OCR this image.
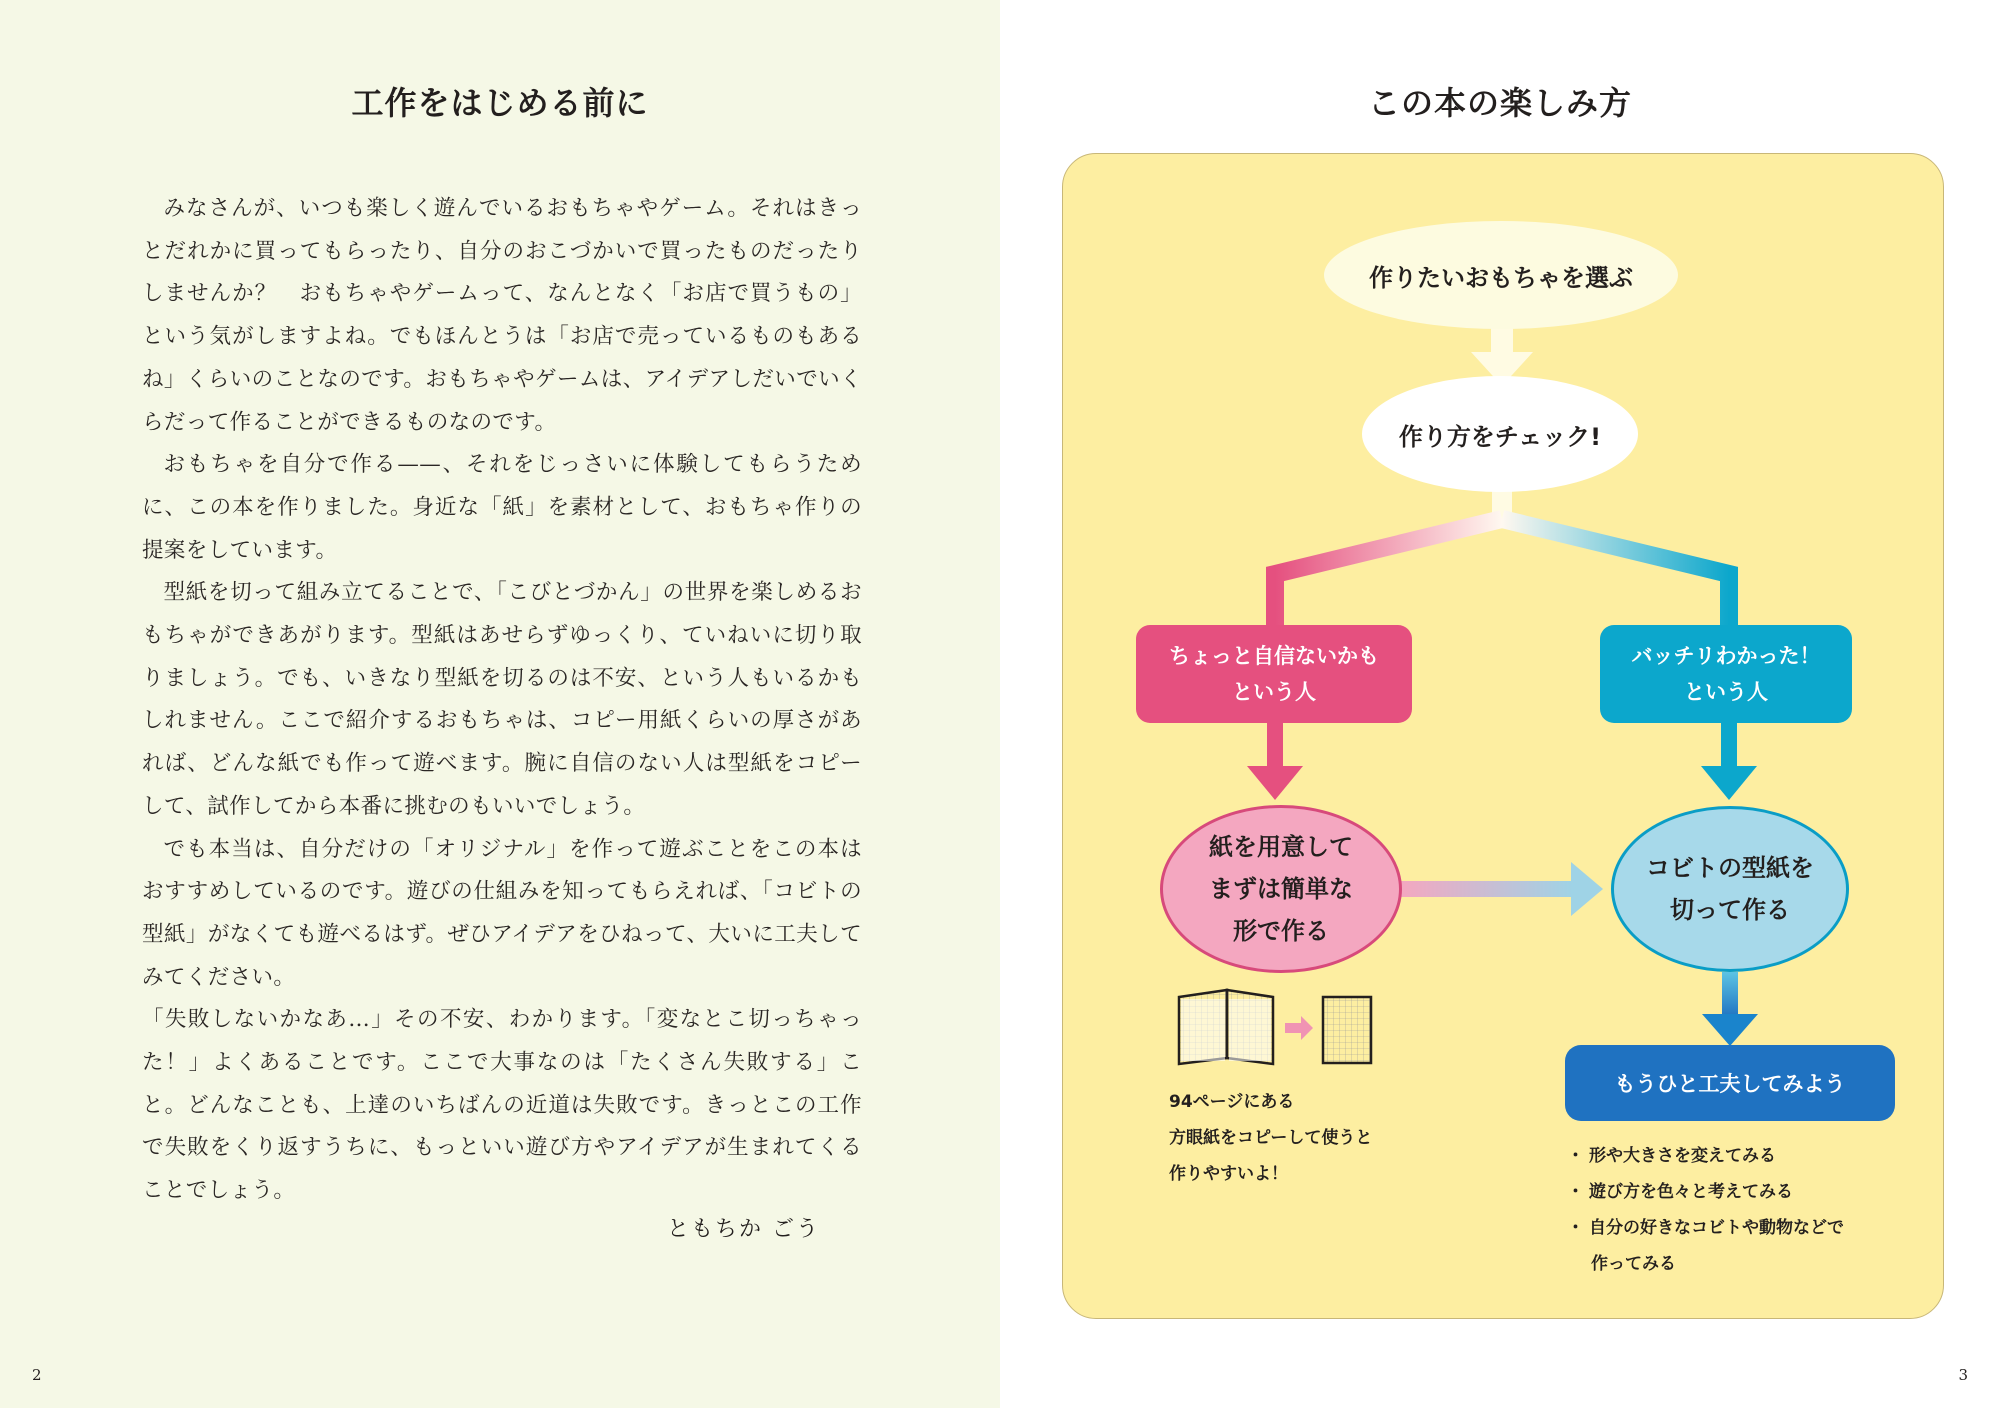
工作をはじめる前に

みなさんが、いつも楽しく遊んでいるおもちゃやゲーム。それはきっとだれかに買ってもらったり、自分のおこづかいで買ったものだったりしませんか？　おもちゃやゲームって、なんとなく「お店で買うもの」という気がしますよね。でもほんとうは「お店で売っているものもあるね」くらいのことなのです。おもちゃやゲームは、アイデアしだいでいくらだって作ることができるものなのです。

おもちゃを自分で作る——、それをじっさいに体験してもらうために、この本を作りました。身近な「紙」を素材として、おもちゃ作りの提案をしています。

型紙を切って組み立てることで、「こびとづかん」の世界を楽しめるおもちゃができあがります。型紙はあせらずゆっくり、ていねいに切り取りましょう。でも、いきなり型紙を切るのは不安、という人もいるかもしれません。ここで紹介するおもちゃは、コピー用紙くらいの厚さがあれば、どんな紙でも作って遊べます。腕に自信のない人は型紙をコピーして、試作してから本番に挑むのもいいでしょう。

でも本当は、自分だけの「オリジナル」を作って遊ぶことをこの本はおすすめしているのです。遊びの仕組みを知ってもらえれば、「コビトの型紙」がなくても遊べるはず。ぜひアイデアをひねって、大いに工夫してみてください。

「失敗しないかなあ…」その不安、わかります。「変なとこ切っちゃった！」よくあることです。ここで大事なのは「たくさん失敗する」こと。どんなことも、上達のいちばんの近道は失敗です。きっとこの工作で失敗をくり返すうちに、もっといい遊び方やアイデアが生まれてくることでしょう。

ともちか ごう
2
この本の楽しみ方
作りたいおもちゃを選ぶ
作り方をチェック!
ちょっと自信ないかも
という人
バッチリわかった！
という人
紙を用意して
まずは簡単な
形で作る
コビトの型紙を
切って作る
もうひと工夫してみよう
94ページにある
方眼紙をコピーして使うと
作りやすいよ！
・ 形や大きさを変えてみる
・ 遊び方を色々と考えてみる
・ 自分の好きなコビトや動物などで
作ってみる
3
